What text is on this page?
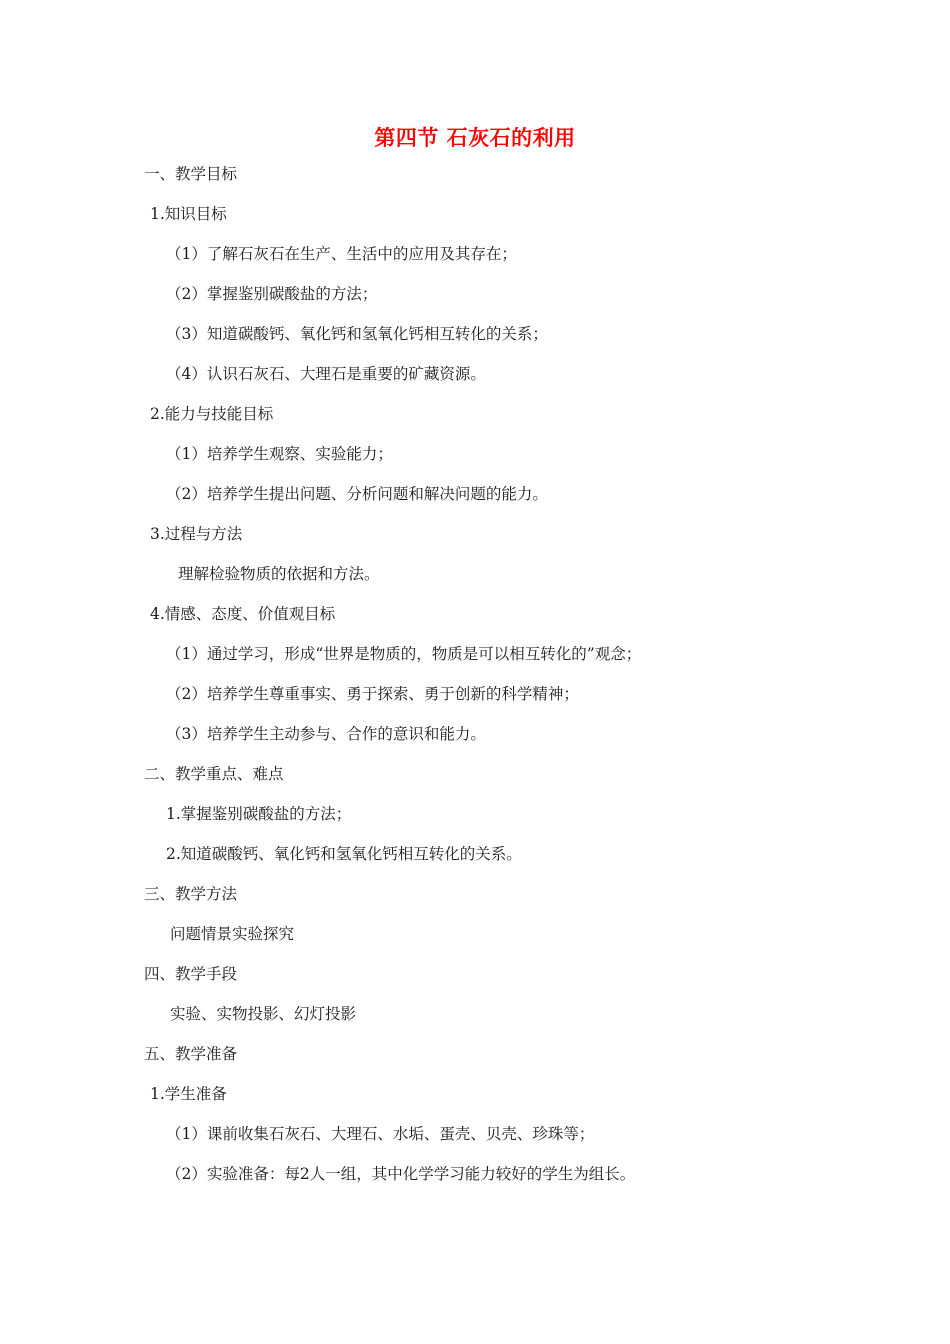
第四节 石灰石的利用
一、教学目标
1.知识目标
（1）了解石灰石在生产、生活中的应用及其存在；
（2）掌握鉴别碳酸盐的方法；
（3）知道碳酸钙、氧化钙和氢氧化钙相互转化的关系；
（4）认识石灰石、大理石是重要的矿藏资源。
2.能力与技能目标
（1）培养学生观察、实验能力；
（2）培养学生提出问题、分析问题和解决问题的能力。
3.过程与方法
理解检验物质的依据和方法。
4.情感、态度、价值观目标
（1）通过学习，形成“世界是物质的，物质是可以相互转化的”观念；
（2）培养学生尊重事实、勇于探索、勇于创新的科学精神；
（3）培养学生主动参与、合作的意识和能力。
二、教学重点、难点
1.掌握鉴别碳酸盐的方法；
2.知道碳酸钙、氧化钙和氢氧化钙相互转化的关系。
三、教学方法
问题情景实验探究
四、教学手段
实验、实物投影、幻灯投影
五、教学准备
1.学生准备
（1）课前收集石灰石、大理石、水垢、蛋壳、贝壳、珍珠等；
（2）实验准备：每2人一组，其中化学学习能力较好的学生为组长。
